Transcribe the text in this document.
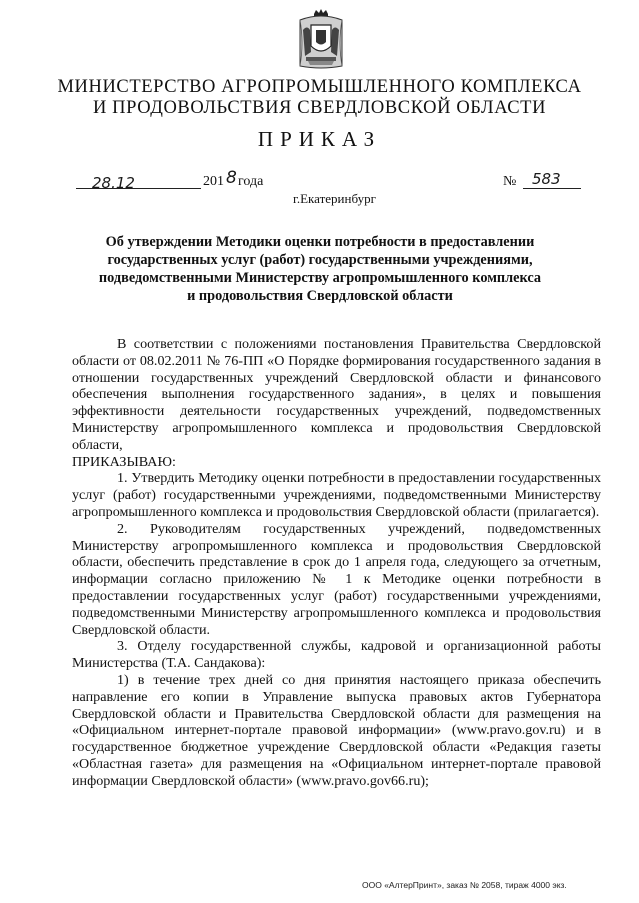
МИНИСТЕРСТВО АГРОПРОМЫШЛЕННОГО КОМПЛЕКСА
И ПРОДОВОЛЬСТВИЯ СВЕРДЛОВСКОЙ ОБЛАСТИ
ПРИКАЗ
28.12	201 8 года	№ 583
г.Екатеринбург
Об утверждении Методики оценки потребности в предоставлении
государственных услуг (работ) государственными учреждениями,
подведомственными Министерству агропромышленного комплекса
и продовольствия Свердловской области

В соответствии с положениями постановления Правительства Свердловской области от 08.02.2011 № 76-ПП «О Порядке формирования государственного задания в отношении государственных учреждений Свердловской области и финансового обеспечения выполнения государственного задания», в целях и повышения эффективности деятельности государственных учреждений, подведомственных Министерству агропромышленного комплекса и продовольствия Свердловской области,

ПРИКАЗЫВАЮ:

1. Утвердить Методику оценки потребности в предоставлении государственных услуг (работ) государственными учреждениями, подведомственными Министерству агропромышленного комплекса и продовольствия Свердловской области (прилагается).

2. Руководителям государственных учреждений, подведомственных Министерству агропромышленного комплекса и продовольствия Свердловской области, обеспечить представление в срок до 1 апреля года, следующего за отчетным, информации согласно приложению № 1 к Методике оценки потребности в предоставлении государственных услуг (работ) государственными учреждениями, подведомственными Министерству агропромышленного комплекса и продовольствия Свердловской области.

3. Отделу государственной службы, кадровой и организационной работы Министерства (Т.А. Сандакова):

1) в течение трех дней со дня принятия настоящего приказа обеспечить направление его копии в Управление выпуска правовых актов Губернатора Свердловской области и Правительства Свердловской области для размещения на «Официальном интернет-портале правовой информации» (www.pravo.gov.ru) и в государственное бюджетное учреждение Свердловской области «Редакция газеты «Областная газета» для размещения на «Официальном интернет-портале правовой информации Свердловской области» (www.pravo.gov66.ru);

ООО «АлтерПринт», заказ № 2058, тираж 4000 экз.
